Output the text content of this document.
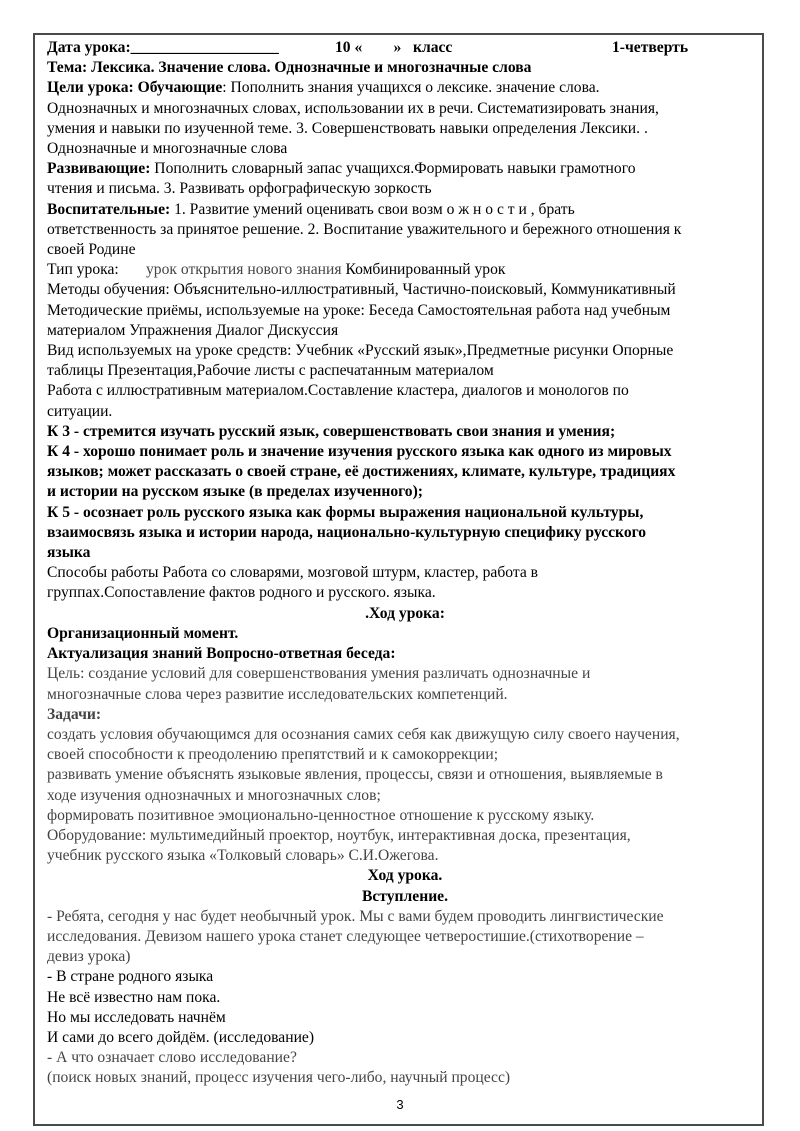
Дата урока:___________________	10 «        »   класс	1-четверть
Тема: Лексика. Значение слова. Однозначные и многозначные слова
Цели урока: Обучающие: Пополнить знания учащихся о лексике. значение слова.
Однозначных и многозначных словах, использовании их в речи. Систематизировать знания,
умения и навыки по изученной теме. 3. Совершенствовать навыки определения Лексики. .
Однозначные и многозначные слова
Развивающие: Пополнить словарный запас учащихся.Формировать навыки грамотного
чтения и письма. 3. Развивать орфографическую зоркость
Воспитательные: 1. Развитие умений оценивать свои возм о ж н о с т и , брать
ответственность за принятое решение. 2. Воспитание уважительного и бережного отношения к
своей Родине
Тип урока:       урок открытия нового знания Комбинированный урок
Методы обучения: Объяснительно-иллюстративный, Частично-поисковый, Коммуникативный
Методические приёмы, используемые на уроке: Беседа Самостоятельная работа над учебным
материалом Упражнения Диалог Дискуссия
Вид используемых на уроке средств: Учебник «Русский язык»,Предметные рисунки Опорные
таблицы Презентация,Рабочие листы с распечатанным материалом
Работа с иллюстративным материалом.Составление кластера, диалогов и монологов по
ситуации.
К 3 - стремится изучать русский язык, совершенствовать свои знания и умения;
К 4 - хорошо понимает роль и значение изучения русского языка как одного из мировых
языков; может рассказать о своей стране, её достижениях, климате, культуре, традициях
и истории на русском языке (в пределах изученного);
К 5 - осознает роль русского языка как формы выражения национальной культуры,
взаимосвязь языка и истории народа, национально-культурную специфику русского
языка
Способы работы Работа со словарями, мозговой штурм, кластер, работа в
группах.Сопоставление фактов родного и русского. языка.
.Ход урока:
Организационный момент.
Актуализация знаний Вопросно-ответная беседа:
Цель: создание условий для совершенствования умения различать однозначные и
многозначные слова через развитие исследовательских компетенций.
Задачи:
создать условия обучающимся для осознания самих себя как движущую силу своего научения,
своей способности к преодолению препятствий и к самокоррекции;
развивать умение объяснять языковые явления, процессы, связи и отношения, выявляемые в
ходе изучения однозначных и многозначных слов;
формировать позитивное эмоционально-ценностное отношение к русскому языку.
Оборудование: мультимедийный проектор, ноутбук, интерактивная доска, презентация,
учебник русского языка «Толковый словарь» С.И.Ожегова.
Ход урока.
Вступление.
- Ребята, сегодня у нас будет необычный урок. Мы с вами будем проводить лингвистические
исследования. Девизом нашего урока станет следующее четверостишие.(стихотворение –
девиз урока)
- В стране родного языка
Не всё известно нам пока.
Но мы исследовать начнём
И сами до всего дойдём. (исследование)
- А что означает слово исследование?
(поиск новых знаний, процесс изучения чего-либо, научный процесс)
3
